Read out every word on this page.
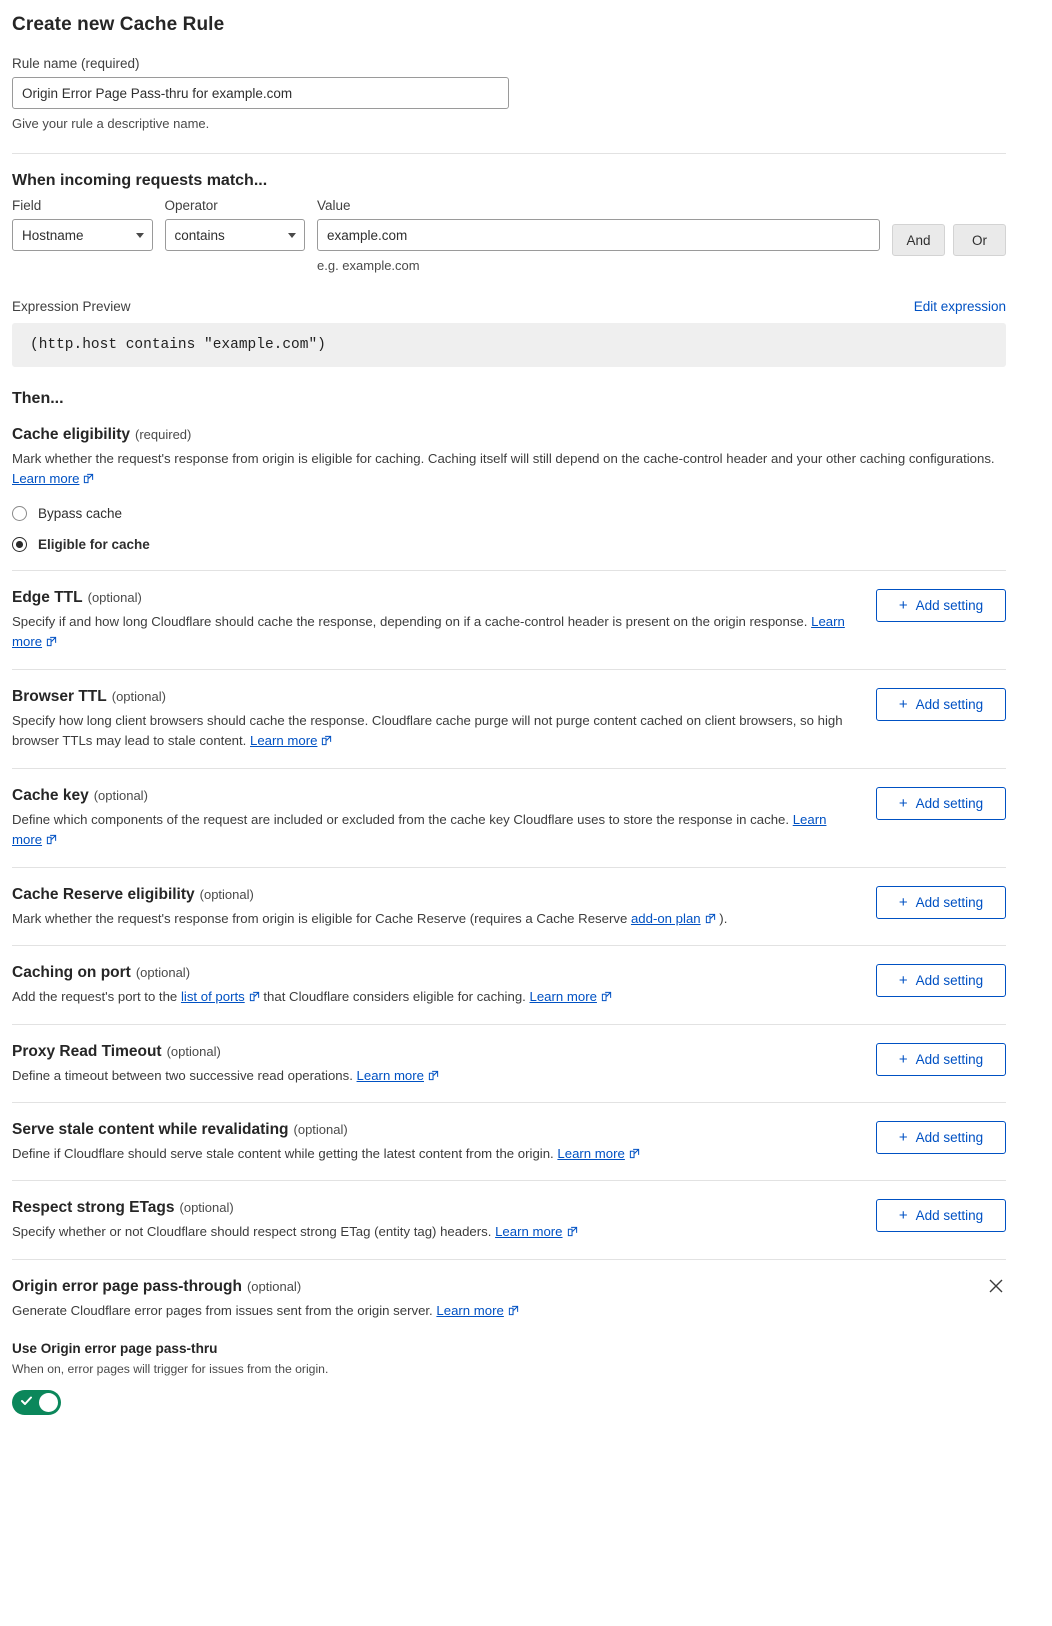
Create new Cache Rule
Rule name (required)
Origin Error Page Pass-thru for example.com
Give your rule a descriptive name.
When incoming requests match...
Field
Hostname
Operator
contains
Value
example.com
e.g. example.com
And	Or
Expression Preview	Edit expression
(http.host contains "example.com")
Then...
Cache eligibility (required)
Mark whether the request's response from origin is eligible for caching. Caching itself will still depend on the cache-control header and your other caching configurations. Learn more
Bypass cache
Eligible for cache
Edge TTL (optional)
Specify if and how long Cloudflare should cache the response, depending on if a cache-control header is present on the origin response. Learn more
+ Add setting
Browser TTL (optional)
Specify how long client browsers should cache the response. Cloudflare cache purge will not purge content cached on client browsers, so high browser TTLs may lead to stale content. Learn more
+ Add setting
Cache key (optional)
Define which components of the request are included or excluded from the cache key Cloudflare uses to store the response in cache. Learn more
+ Add setting
Cache Reserve eligibility (optional)
Mark whether the request's response from origin is eligible for Cache Reserve (requires a Cache Reserve add-on plan ).
+ Add setting
Caching on port (optional)
Add the request's port to the list of ports that Cloudflare considers eligible for caching. Learn more
+ Add setting
Proxy Read Timeout (optional)
Define a timeout between two successive read operations. Learn more
+ Add setting
Serve stale content while revalidating (optional)
Define if Cloudflare should serve stale content while getting the latest content from the origin. Learn more
+ Add setting
Respect strong ETags (optional)
Specify whether or not Cloudflare should respect strong ETag (entity tag) headers. Learn more
+ Add setting
Origin error page pass-through (optional)
Generate Cloudflare error pages from issues sent from the origin server. Learn more
Use Origin error page pass-thru
When on, error pages will trigger for issues from the origin.
